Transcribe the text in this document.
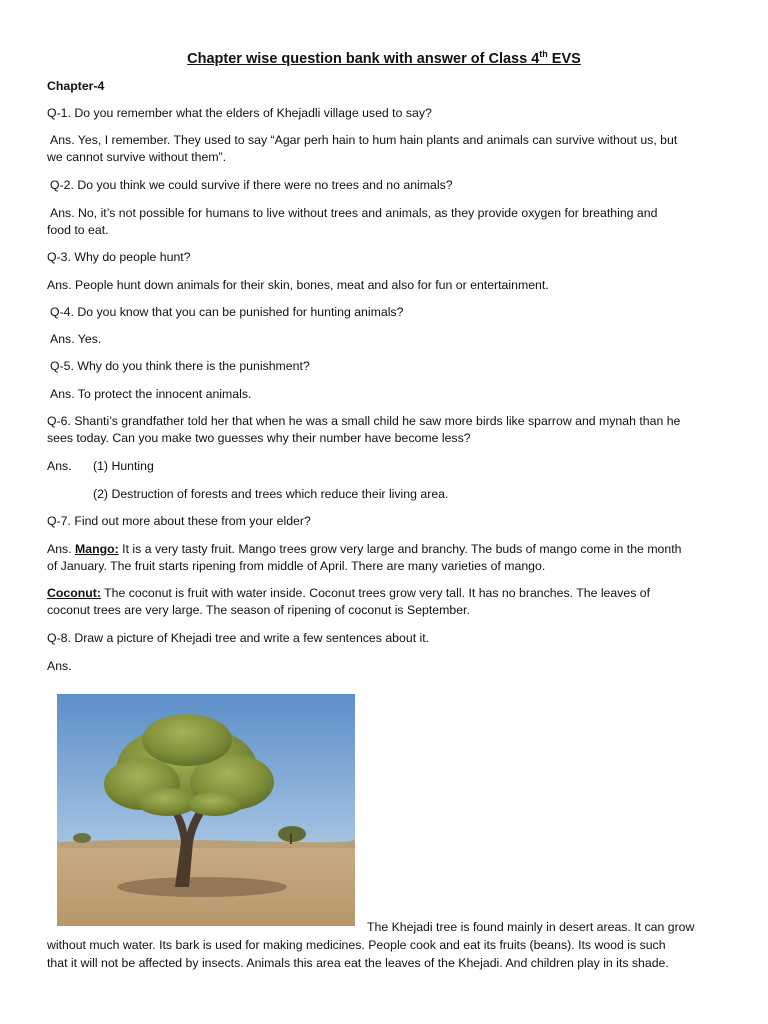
Chapter wise question bank with answer of Class 4th EVS

Chapter-4

Q-1. Do you remember what the elders of Khejadli village used to say?

Ans. Yes, I remember. They used to say “Agar perh hain to hum hain plants and animals can survive without us, but

we cannot survive without them”.

Q-2. Do you think we could survive if there were no trees and no animals?

Ans. No, it’s not possible for humans to live without trees and animals, as they provide oxygen for breathing and

food to eat.

Q-3. Why do people hunt?

Ans. People hunt down animals for their skin, bones, meat and also for fun or entertainment.

Q-4. Do you know that you can be punished for hunting animals?

Ans. Yes.

Q-5. Why do you think there is the punishment?

Ans. To protect the innocent animals.

Q-6. Shanti’s grandfather told her that when he was a small child he saw more birds like sparrow and mynah than he

sees today. Can you make two guesses why their number have become less?

Ans. (1) Hunting

(2) Destruction of forests and trees which reduce their living area.

Q-7. Find out more about these from your elder?

Ans. Mango: It is a very tasty fruit. Mango trees grow very large and branchy. The buds of mango come in the month

of January. The fruit starts ripening from middle of April. There are many varieties of mango.

Coconut: The coconut is fruit with water inside. Coconut trees grow very tall. It has no branches. The leaves of

coconut trees are very large. The season of ripening of coconut is September.

Q-8. Draw a picture of Khejadi tree and write a few sentences about it.

Ans.

The Khejadi tree is found mainly in desert areas. It can grow

without much water. Its bark is used for making medicines. People cook and eat its fruits (beans). Its wood is such

that it will not be affected by insects. Animals this area eat the leaves of the Khejadi. And children play in its shade.
